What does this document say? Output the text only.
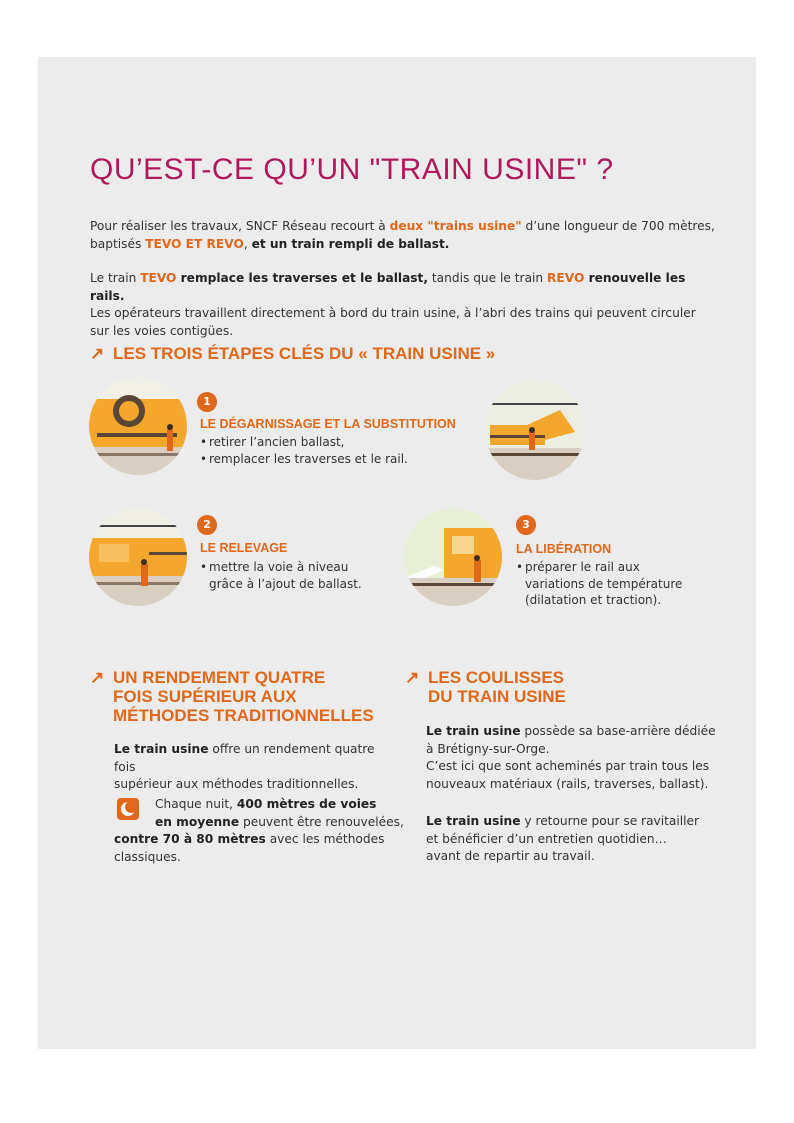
QU’EST-CE QU’UN "TRAIN USINE" ?
Pour réaliser les travaux, SNCF Réseau recourt à deux "trains usine" d’une longueur de 700 mètres,
baptisés TEVO ET REVO, et un train rempli de ballast.
Le train TEVO remplace les traverses et le ballast, tandis que le train REVO renouvelle les rails.
Les opérateurs travaillent directement à bord du train usine, à l’abri des trains qui peuvent circuler
sur les voies contigües.
↗ LES TROIS ÉTAPES CLÉS DU « TRAIN USINE »
1
LE DÉGARNISSAGE ET LA SUBSTITUTION
• retirer l’ancien ballast,
• remplacer les traverses et le rail.
2
LE RELEVAGE
• mettre la voie à niveau
grâce à l’ajout de ballast.
3
LA LIBÉRATION
• préparer le rail aux
variations de température
(dilatation et traction).
↗ UN RENDEMENT QUATRE
FOIS SUPÉRIEUR AUX
MÉTHODES TRADITIONNELLES
Le train usine offre un rendement quatre fois
supérieur aux méthodes traditionnelles.
Chaque nuit, 400 mètres de voies
en moyenne peuvent être renouvelées,
contre 70 à 80 mètres avec les méthodes
classiques.
↗ LES COULISSES
DU TRAIN USINE
Le train usine possède sa base-arrière dédiée
à Brétigny-sur-Orge.
C’est ici que sont acheminés par train tous les
nouveaux matériaux (rails, traverses, ballast).
Le train usine y retourne pour se ravitailler
et bénéficier d’un entretien quotidien…
avant de repartir au travail.
